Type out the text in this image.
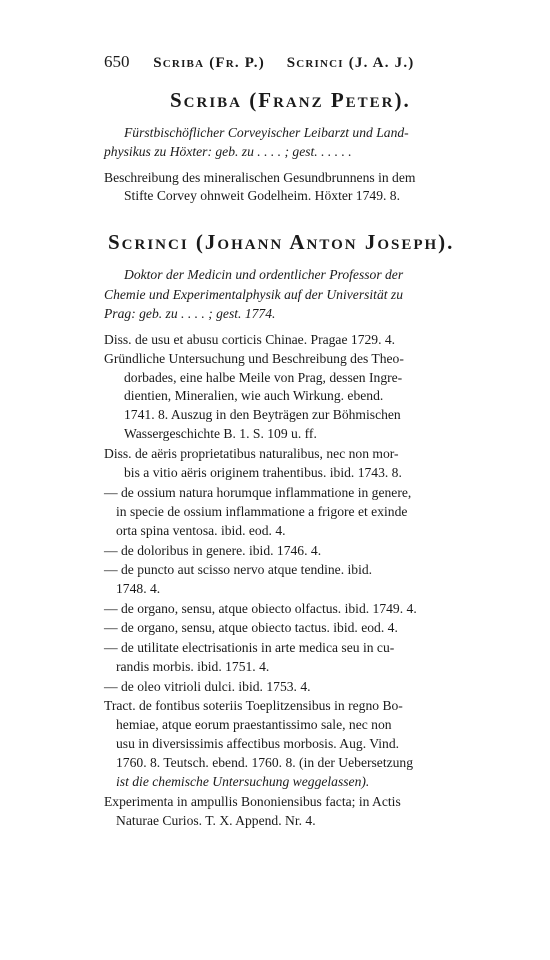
650 Scriba (Fr. P.) Scrinci (J. A. J.)
Scriba (Franz Peter).
Fürstbischöflicher Corveyischer Leibarzt und Land-
physikus zu Höxter: geb. zu . . . . ; gest. . . . . .
Beschreibung des mineralischen Gesundbrunnens in dem
Stifte Corvey ohnweit Godelheim. Höxter 1749. 8.
Scrinci (Johann Anton Joseph).
Doktor der Medicin und ordentlicher Professor der
Chemie und Experimentalphysik auf der Universität zu
Prag: geb. zu . . . . ; gest. 1774.
Diss. de usu et abusu corticis Chinae. Pragae 1729. 4.
Gründliche Untersuchung und Beschreibung des Theo-
dorbades, eine halbe Meile von Prag, dessen Ingre-
dientien, Mineralien, wie auch Wirkung. ebend.
1741. 8. Auszug in den Beyträgen zur Böhmischen
Wassergeschichte B. 1. S. 109 u. ff.
Diss. de aëris proprietatibus naturalibus, nec non mor-
bis a vitio aëris originem trahentibus. ibid. 1743. 8.
— de ossium natura horumque inflammatione in genere,
in specie de ossium inflammatione a frigore et exinde
orta spina ventosa. ibid. eod. 4.
— de doloribus in genere. ibid. 1746. 4.
— de puncto aut scisso nervo atque tendine. ibid.
1748. 4.
— de organo, sensu, atque obiecto olfactus. ibid. 1749. 4.
— de organo, sensu, atque obiecto tactus. ibid. eod. 4.
— de utilitate electrisationis in arte medica seu in cu-
randis morbis. ibid. 1751. 4.
— de oleo vitrioli dulci. ibid. 1753. 4.
Tract. de fontibus soteriis Toeplitzensibus in regno Bo-
hemiae, atque eorum praestantissimo sale, nec non
usu in diversissimis affectibus morbosis. Aug. Vind.
1760. 8. Teutsch. ebend. 1760. 8. (in der Uebersetzung
ist die chemische Untersuchung weggelassen).
Experimenta in ampullis Bononiensibus facta; in Actis
Naturae Curios. T. X. Append. Nr. 4.
